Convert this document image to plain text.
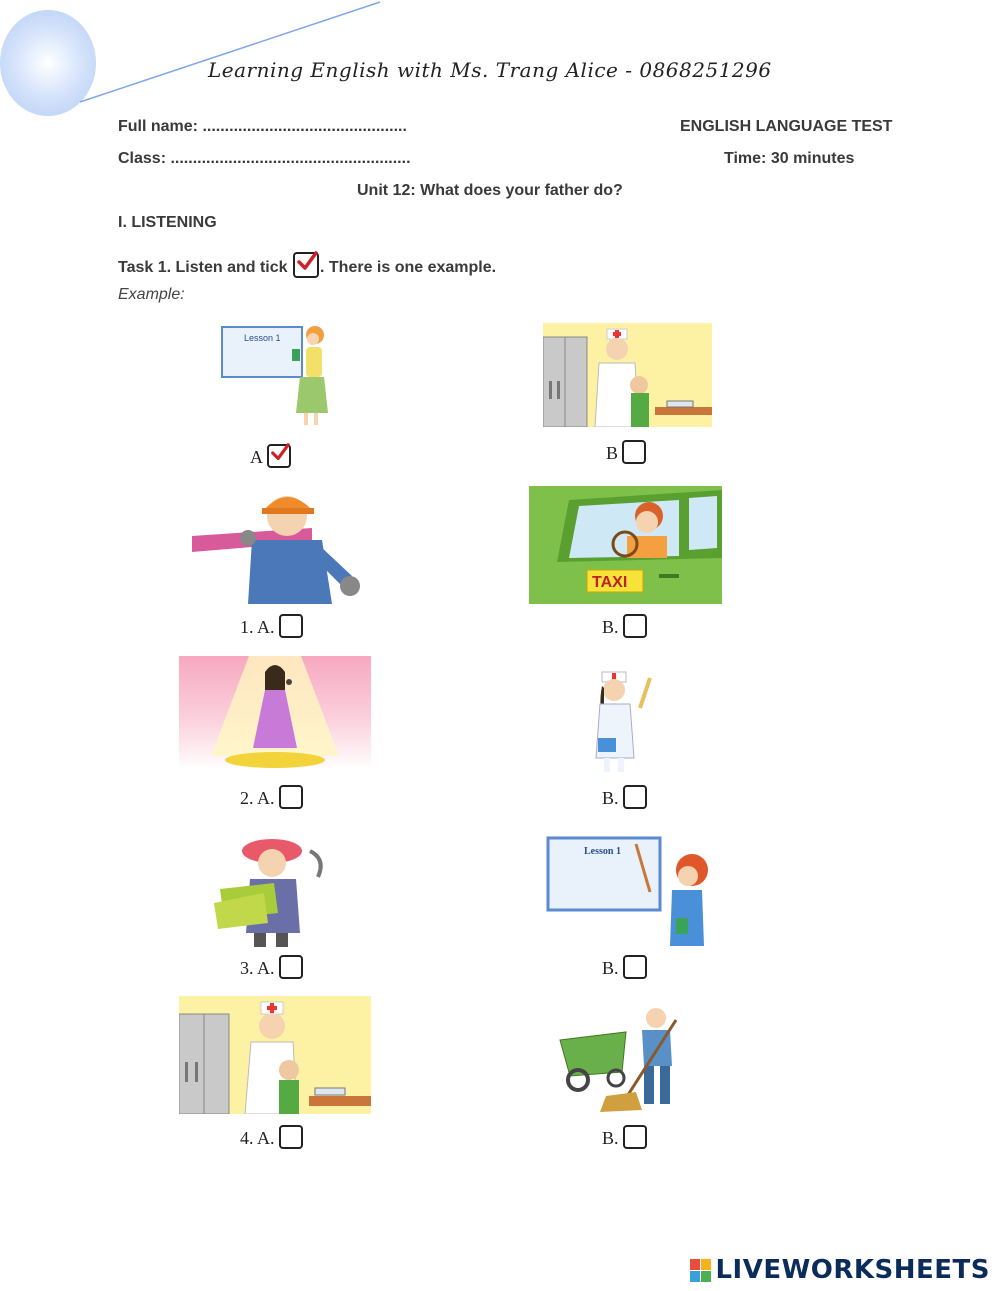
Learning English with Ms. Trang Alice - 0868251296
Full name: ..............................................	ENGLISH LANGUAGE TEST
Class: ......................................................	Time: 30 minutes
Unit 12: What does your father do?
I. LISTENING
Task 1. Listen and tick . There is one example.
Example:
Lesson 1
A	B
TAXI
1. A.	B.
2. A.	B.
Lesson 1
3. A.	B.
4. A.	B.
LIVEWORKSHEETS
